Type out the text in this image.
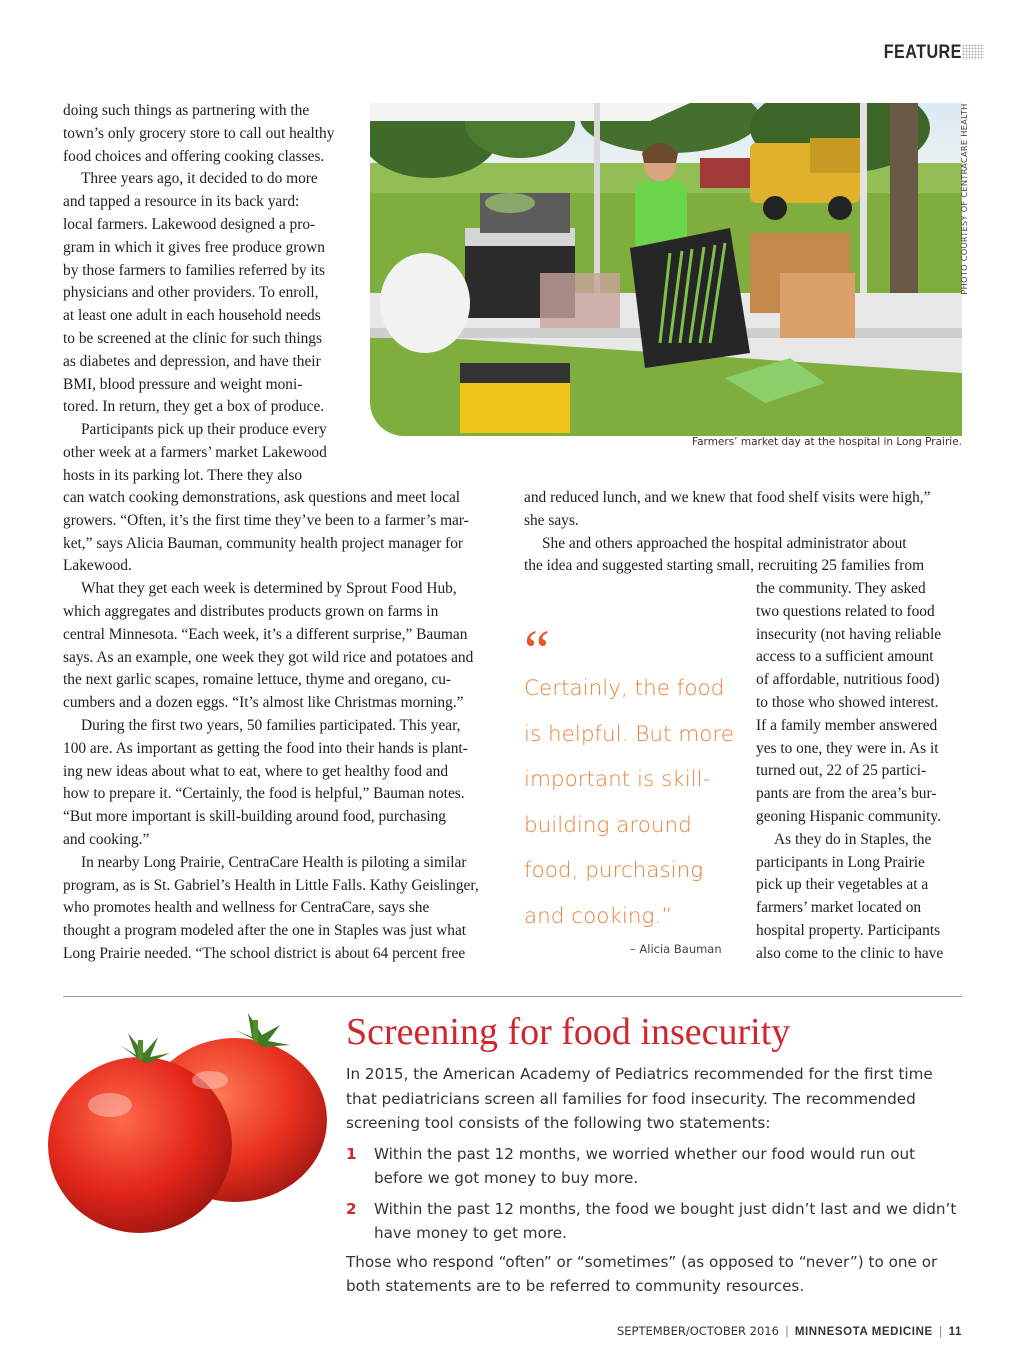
FEATURE
PHOTO COURTESY OF CENTRACARE HEALTH
Farmers’ market day at the hospital in Long Prairie.

doing such things as partnering with the

town’s only grocery store to call out healthy

food choices and offering cooking classes.

Three years ago, it decided to do more

and tapped a resource in its back yard:

local farmers. Lakewood designed a pro-

gram in which it gives free produce grown

by those farmers to families referred by its

physicians and other providers. To enroll,

at least one adult in each household needs

to be screened at the clinic for such things

as diabetes and depression, and have their

BMI, blood pressure and weight moni-

tored. In return, they get a box of produce.

Participants pick up their produce every

other week at a farmers’ market Lakewood

hosts in its parking lot. There they also

can watch cooking demonstrations, ask questions and meet local

growers. “Often, it’s the first time they’ve been to a farmer’s mar-

ket,” says Alicia Bauman, community health project manager for

Lakewood.

What they get each week is determined by Sprout Food Hub,

which aggregates and distributes products grown on farms in

central Minnesota. “Each week, it’s a different surprise,” Bauman

says. As an example, one week they got wild rice and potatoes and

the next garlic scapes, romaine lettuce, thyme and oregano, cu-

cumbers and a dozen eggs. “It’s almost like Christmas morning.”

During the first two years, 50 families participated. This year,

100 are. As important as getting the food into their hands is plant-

ing new ideas about what to eat, where to get healthy food and

how to prepare it. “Certainly, the food is helpful,” Bauman notes.

“But more important is skill-building around food, purchasing

and cooking.”

In nearby Long Prairie, CentraCare Health is piloting a similar

program, as is St. Gabriel’s Health in Little Falls. Kathy Geislinger,

who promotes health and wellness for CentraCare, says she

thought a program modeled after the one in Staples was just what

Long Prairie needed. “The school district is about 64 percent free

and reduced lunch, and we knew that food shelf visits were high,”

she says.

She and others approached the hospital administrator about

the idea and suggested starting small, recruiting 25 families from

the community. They asked

two questions related to food

insecurity (not having reliable

access to a sufficient amount

of affordable, nutritious food)

to those who showed interest.

If a family member answered

yes to one, they were in. As it

turned out, 22 of 25 partici-

pants are from the area’s bur-

geoning Hispanic community.

As they do in Staples, the

participants in Long Prairie

pick up their vegetables at a

farmers’ market located on

hospital property. Participants

also come to the clinic to have

“
Certainly, the food
is helpful. But more
important is skill-
building around
food, purchasing
and cooking.”
– Alicia Bauman
Screening for food insecurity

In 2015, the American Academy of Pediatrics recommended for the first time that pediatricians screen all families for food insecurity. The recommended screening tool consists of the following two statements:

1 Within the past 12 months, we worried whether our food would run out before we got money to buy more.

2 Within the past 12 months, the food we bought just didn’t last and we didn’t have money to get more.

Those who respond “often” or “sometimes” (as opposed to “never”) to one or both statements are to be referred to community resources.

SEPTEMBER/OCTOBER 2016 | MINNESOTA MEDICINE | 11
